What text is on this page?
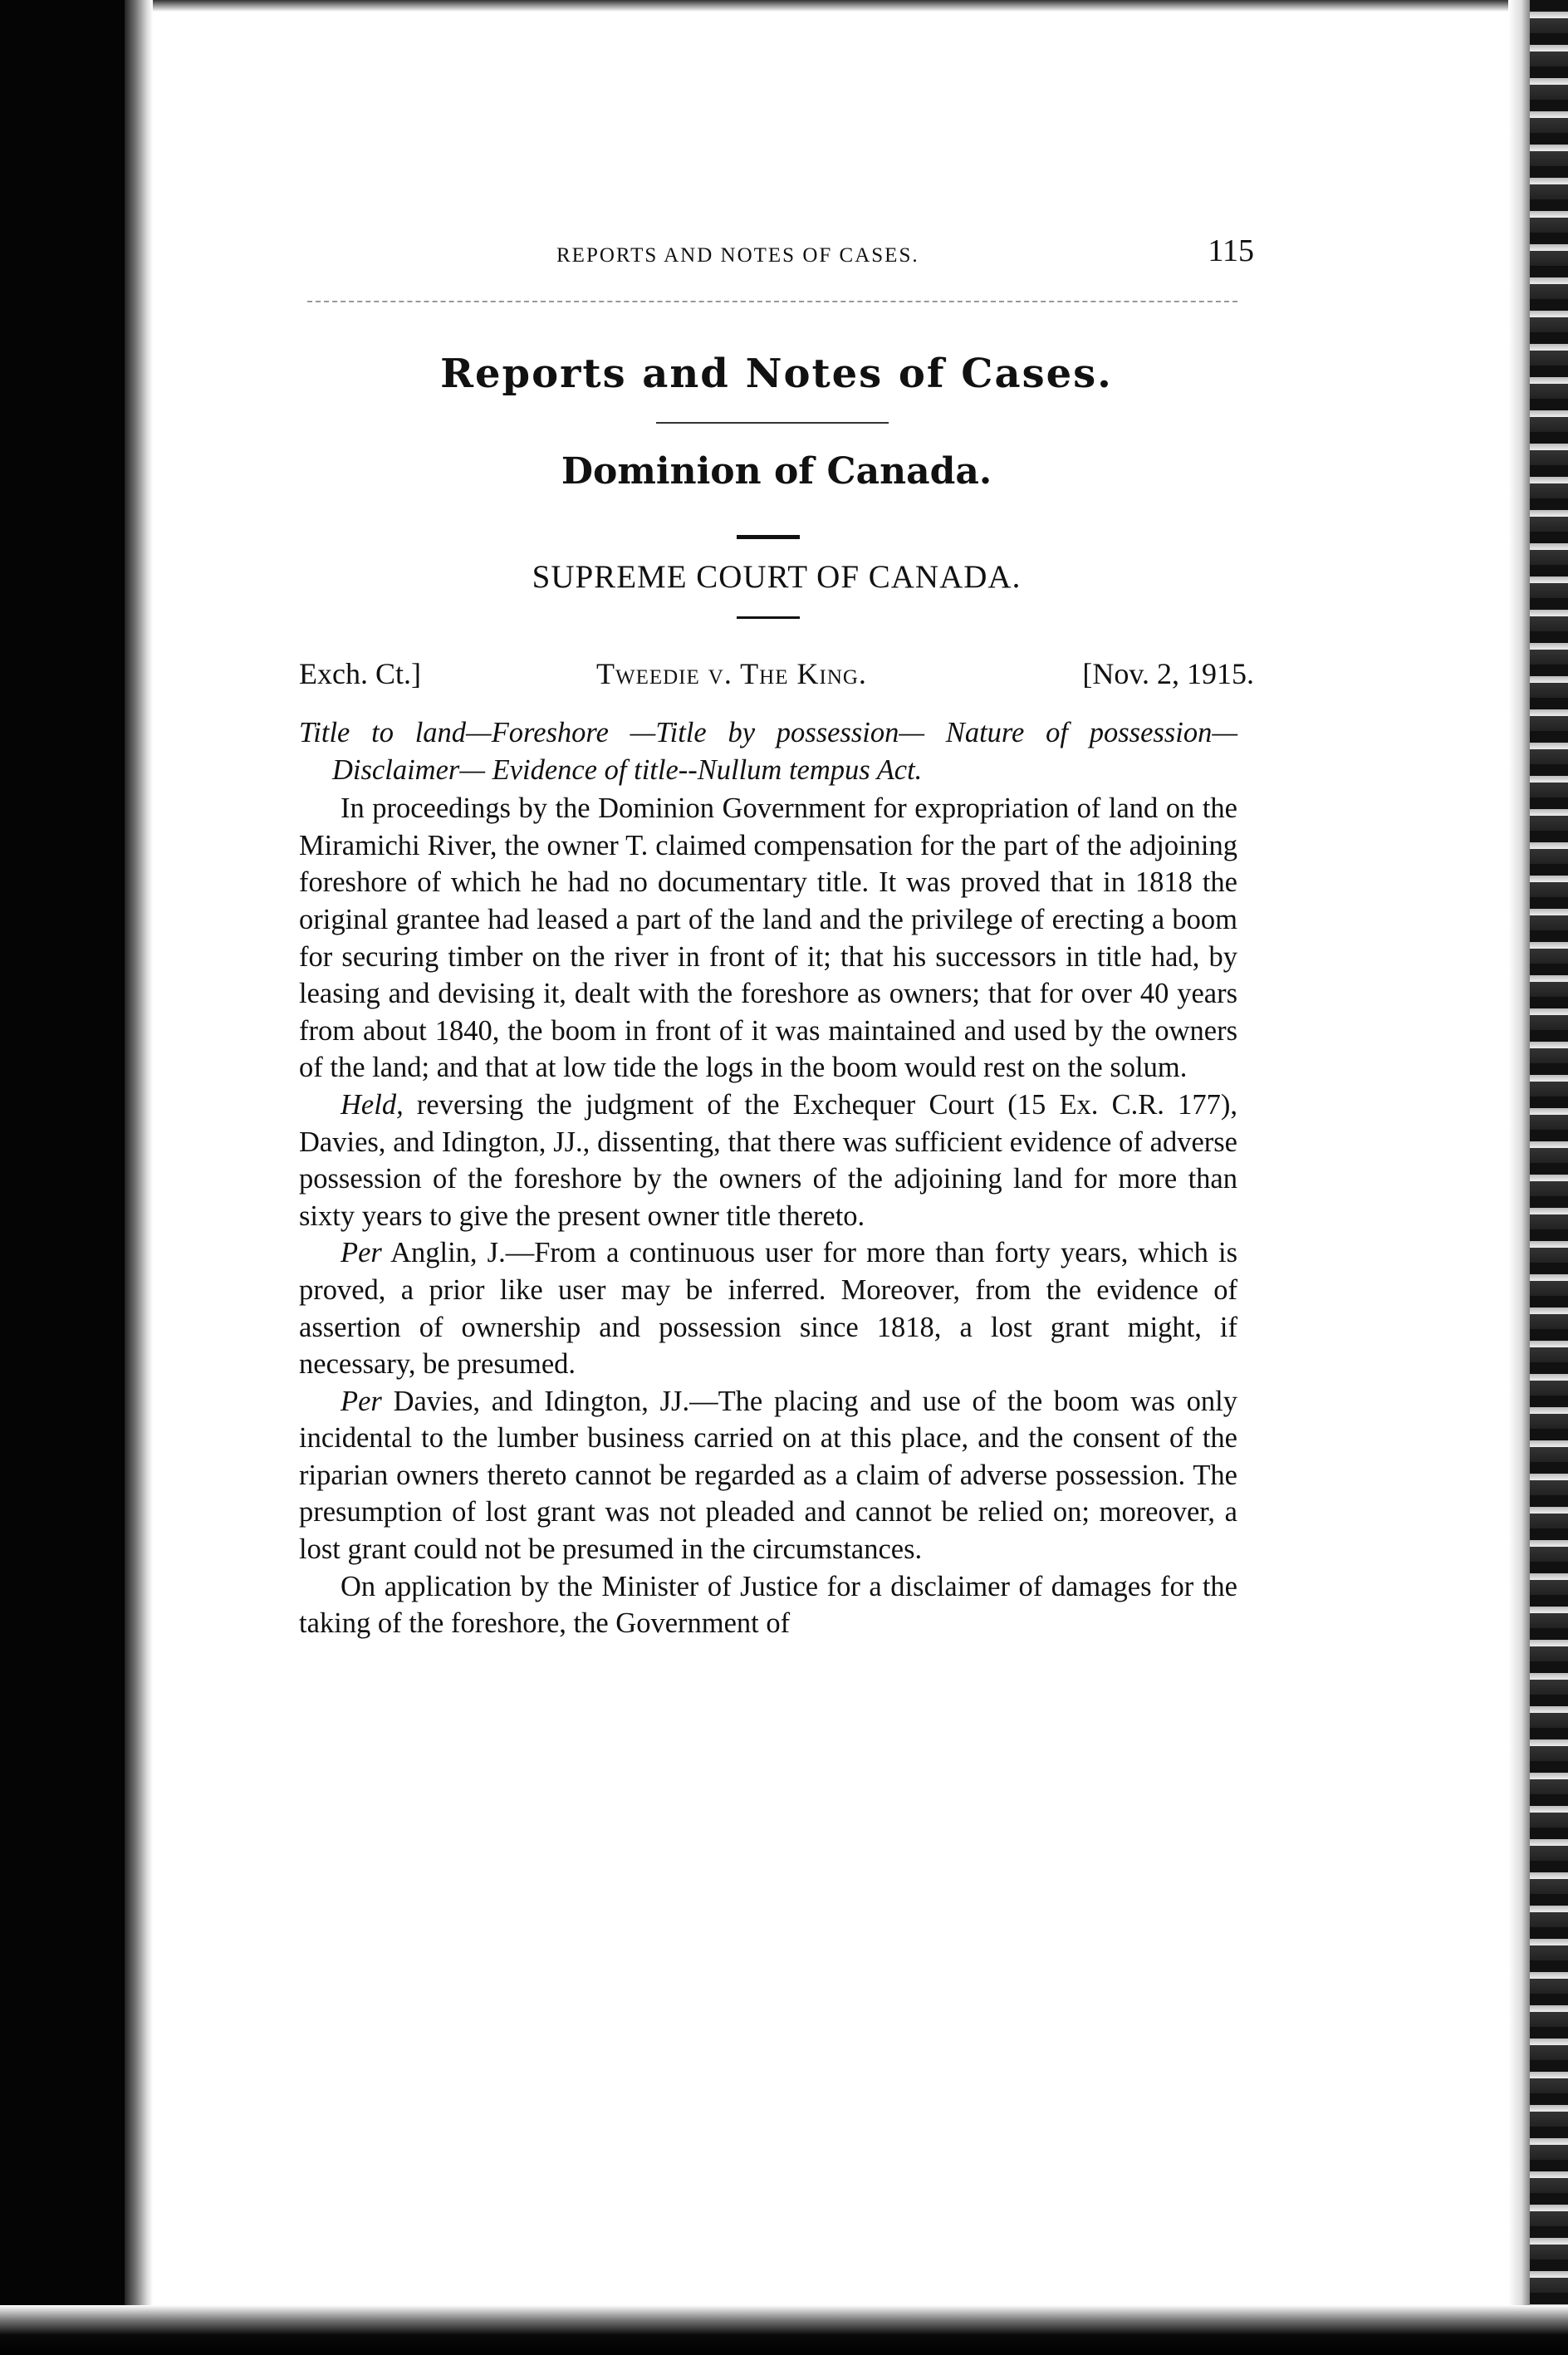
REPORTS AND NOTES OF CASES.	115
Reports and Notes of Cases.
Dominion of Canada.
SUPREME COURT OF CANADA.
Exch. Ct.]	Tweedie v. The King.	[Nov. 2, 1915.

Title to land—Foreshore —Title by possession— Nature of possession—Disclaimer— Evidence of title--Nullum tempus Act.

In proceedings by the Dominion Government for expropriation of land on the Miramichi River, the owner T. claimed compensation for the part of the adjoining foreshore of which he had no documentary title. It was proved that in 1818 the original grantee had leased a part of the land and the privilege of erecting a boom for securing timber on the river in front of it; that his successors in title had, by leasing and devising it, dealt with the foreshore as owners; that for over 40 years from about 1840, the boom in front of it was maintained and used by the owners of the land; and that at low tide the logs in the boom would rest on the solum.

Held, reversing the judgment of the Exchequer Court (15 Ex. C.R. 177), Davies, and Idington, JJ., dissenting, that there was sufficient evidence of adverse possession of the foreshore by the owners of the adjoining land for more than sixty years to give the present owner title thereto.

Per Anglin, J.—From a continuous user for more than forty years, which is proved, a prior like user may be inferred. Moreover, from the evidence of assertion of ownership and possession since 1818, a lost grant might, if necessary, be presumed.

Per Davies, and Idington, JJ.—The placing and use of the boom was only incidental to the lumber business carried on at this place, and the consent of the riparian owners thereto cannot be regarded as a claim of adverse possession. The presumption of lost grant was not pleaded and cannot be relied on; moreover, a lost grant could not be presumed in the circumstances.

On application by the Minister of Justice for a disclaimer of damages for the taking of the foreshore, the Government of
